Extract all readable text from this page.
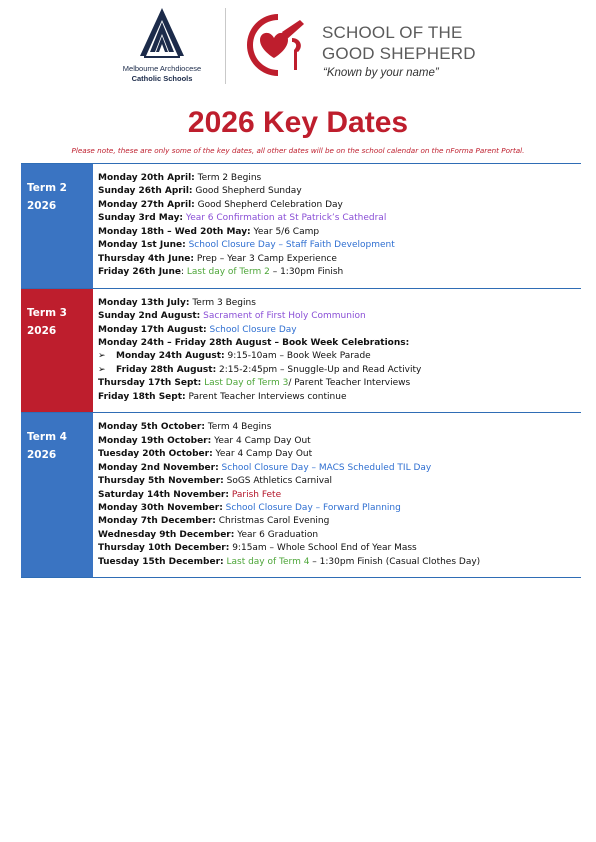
Melbourne Archdiocese
Catholic Schools
SCHOOL OF THE
GOOD SHEPHERD
“Known by your name”
2026 Key Dates
Please note, these are only some of the key dates, all other dates will be on the school calendar on the nForma Parent Portal.
Term 2
2026
Monday 20th April: Term 2 Begins
Sunday 26th April: Good Shepherd Sunday
Monday 27th April: Good Shepherd Celebration Day
Sunday 3rd May: Year 6 Confirmation at St Patrick’s Cathedral
Monday 18th – Wed 20th May: Year 5/6 Camp
Monday 1st June: School Closure Day – Staff Faith Development
Thursday 4th June: Prep – Year 3 Camp Experience
Friday 26th June: Last day of Term 2 – 1:30pm Finish
Term 3
2026
Monday 13th July: Term 3 Begins
Sunday 2nd August: Sacrament of First Holy Communion
Monday 17th August: School Closure Day
Monday 24th – Friday 28th August – Book Week Celebrations:
➢ Monday 24th August: 9:15-10am – Book Week Parade
➢ Friday 28th August: 2:15-2:45pm – Snuggle-Up and Read Activity
Thursday 17th Sept: Last Day of Term 3/ Parent Teacher Interviews
Friday 18th Sept: Parent Teacher Interviews continue
Term 4
2026
Monday 5th October: Term 4 Begins
Monday 19th October: Year 4 Camp Day Out
Tuesday 20th October: Year 4 Camp Day Out
Monday 2nd November: School Closure Day – MACS Scheduled TIL Day
Thursday 5th November: SoGS Athletics Carnival
Saturday 14th November: Parish Fete
Monday 30th November: School Closure Day – Forward Planning
Monday 7th December: Christmas Carol Evening
Wednesday 9th December: Year 6 Graduation
Thursday 10th December: 9:15am – Whole School End of Year Mass
Tuesday 15th December: Last day of Term 4 – 1:30pm Finish (Casual Clothes Day)
